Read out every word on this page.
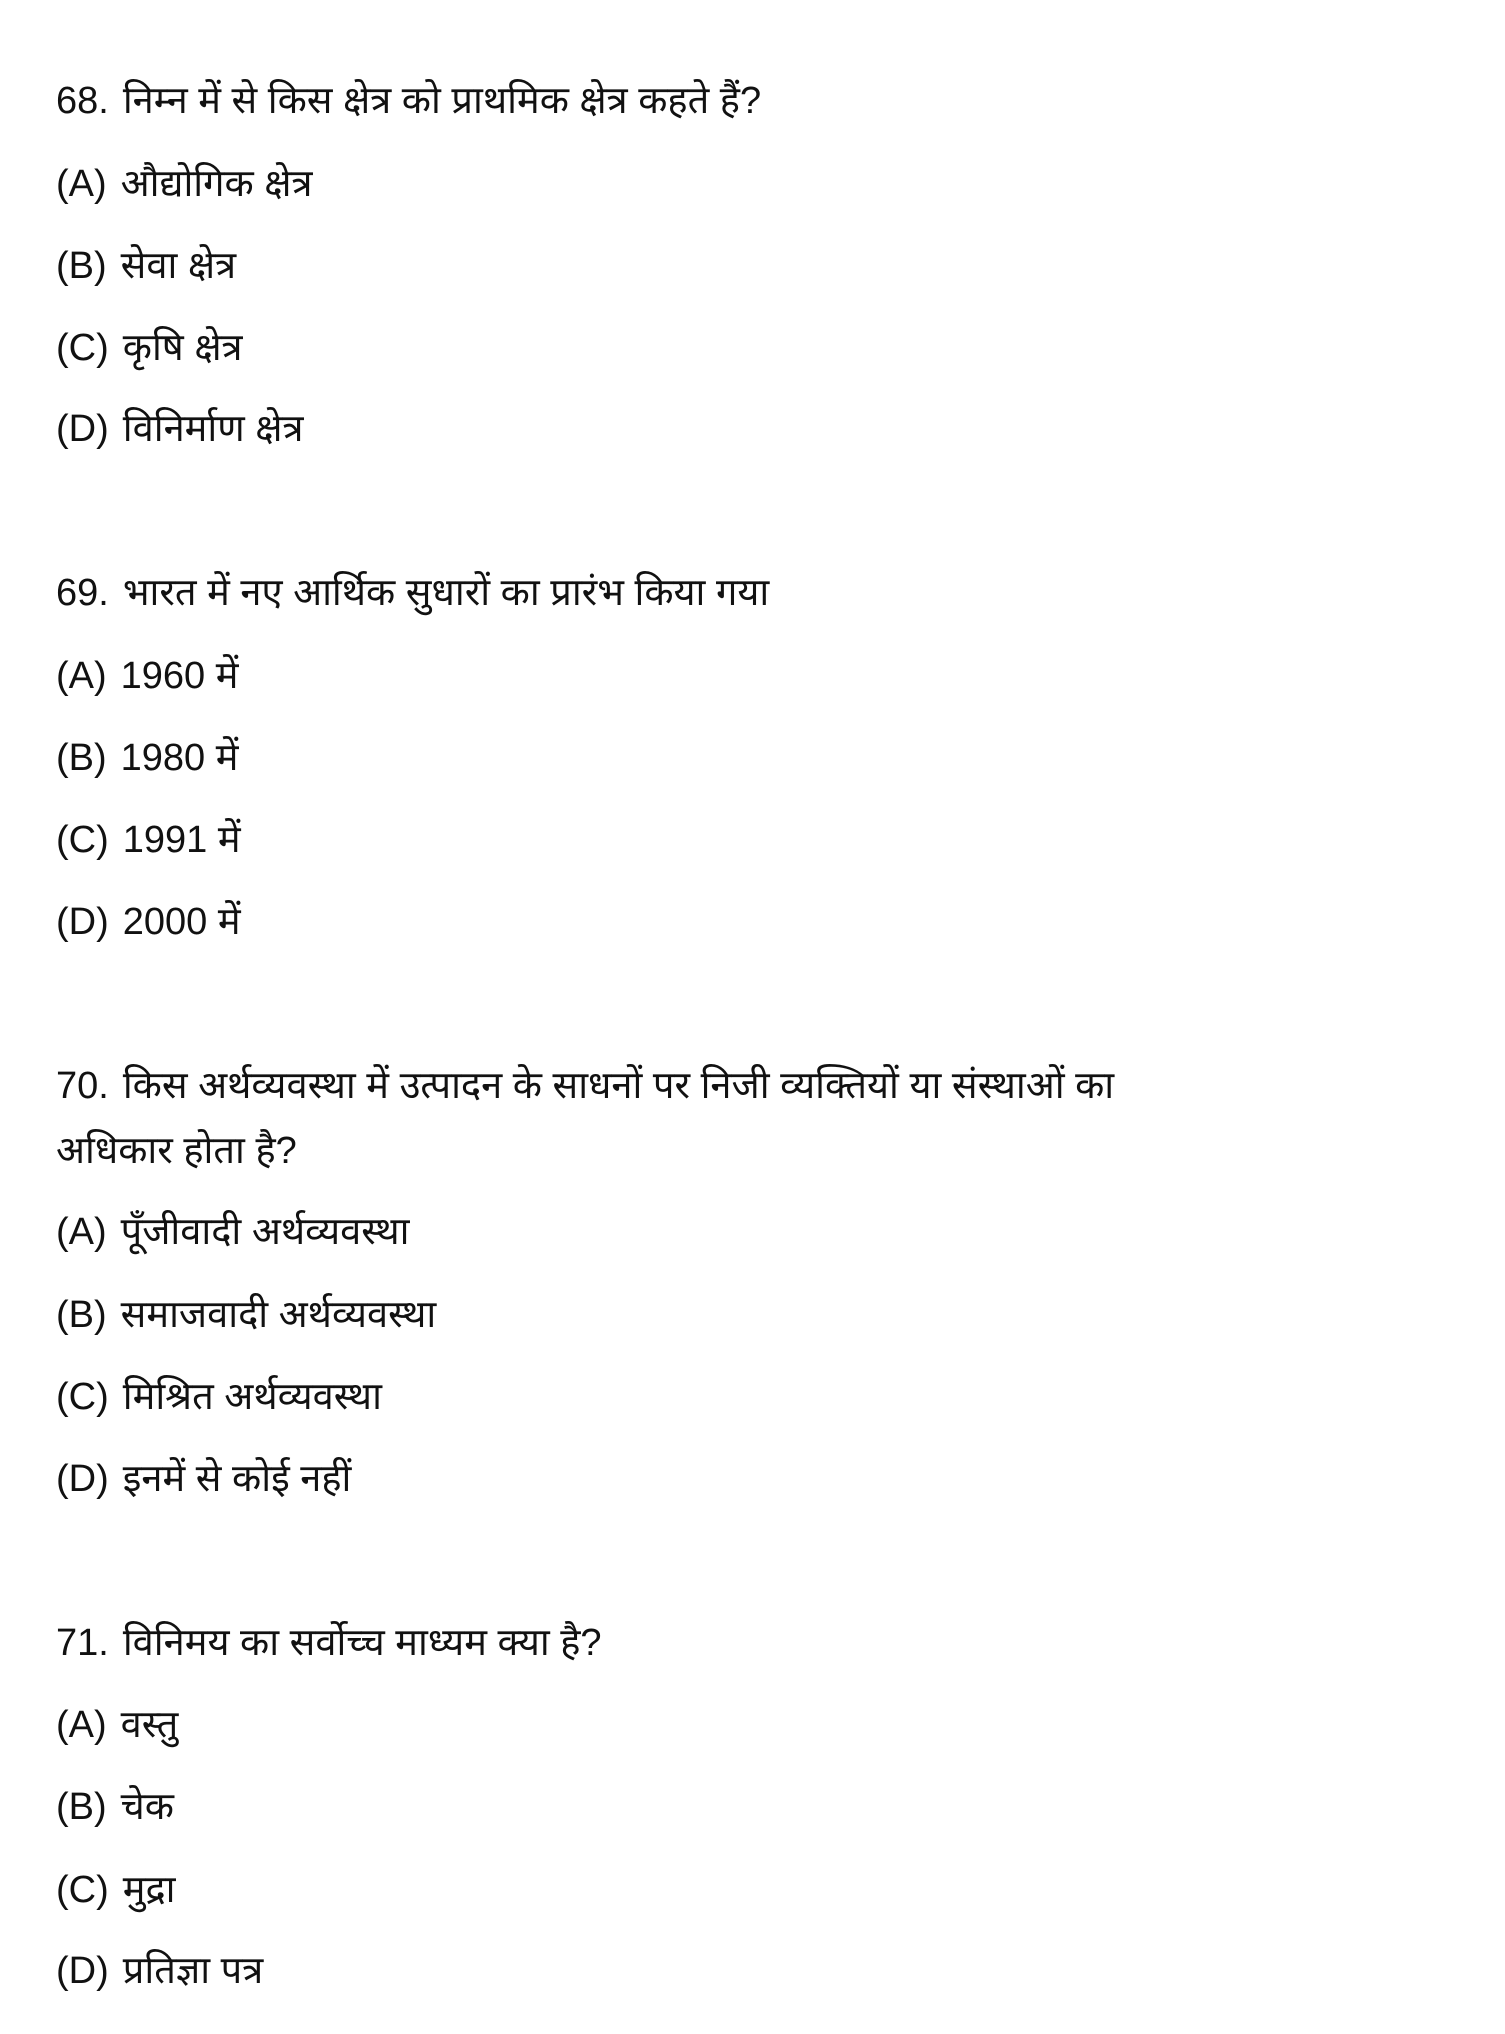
68. निम्न में से किस क्षेत्र को प्राथमिक क्षेत्र कहते हैं?
(A) औद्योगिक क्षेत्र
(B) सेवा क्षेत्र
(C) कृषि क्षेत्र
(D) विनिर्माण क्षेत्र
69. भारत में नए आर्थिक सुधारों का प्रारंभ किया गया
(A) 1960 में
(B) 1980 में
(C) 1991 में
(D) 2000 में
70. किस अर्थव्यवस्था में उत्पादन के साधनों पर निजी व्यक्तियों या संस्थाओं का
अधिकार होता है?
(A) पूँजीवादी अर्थव्यवस्था
(B) समाजवादी अर्थव्यवस्था
(C) मिश्रित अर्थव्यवस्था
(D) इनमें से कोई नहीं
71. विनिमय का सर्वोच्च माध्यम क्या है?
(A) वस्तु
(B) चेक
(C) मुद्रा
(D) प्रतिज्ञा पत्र
